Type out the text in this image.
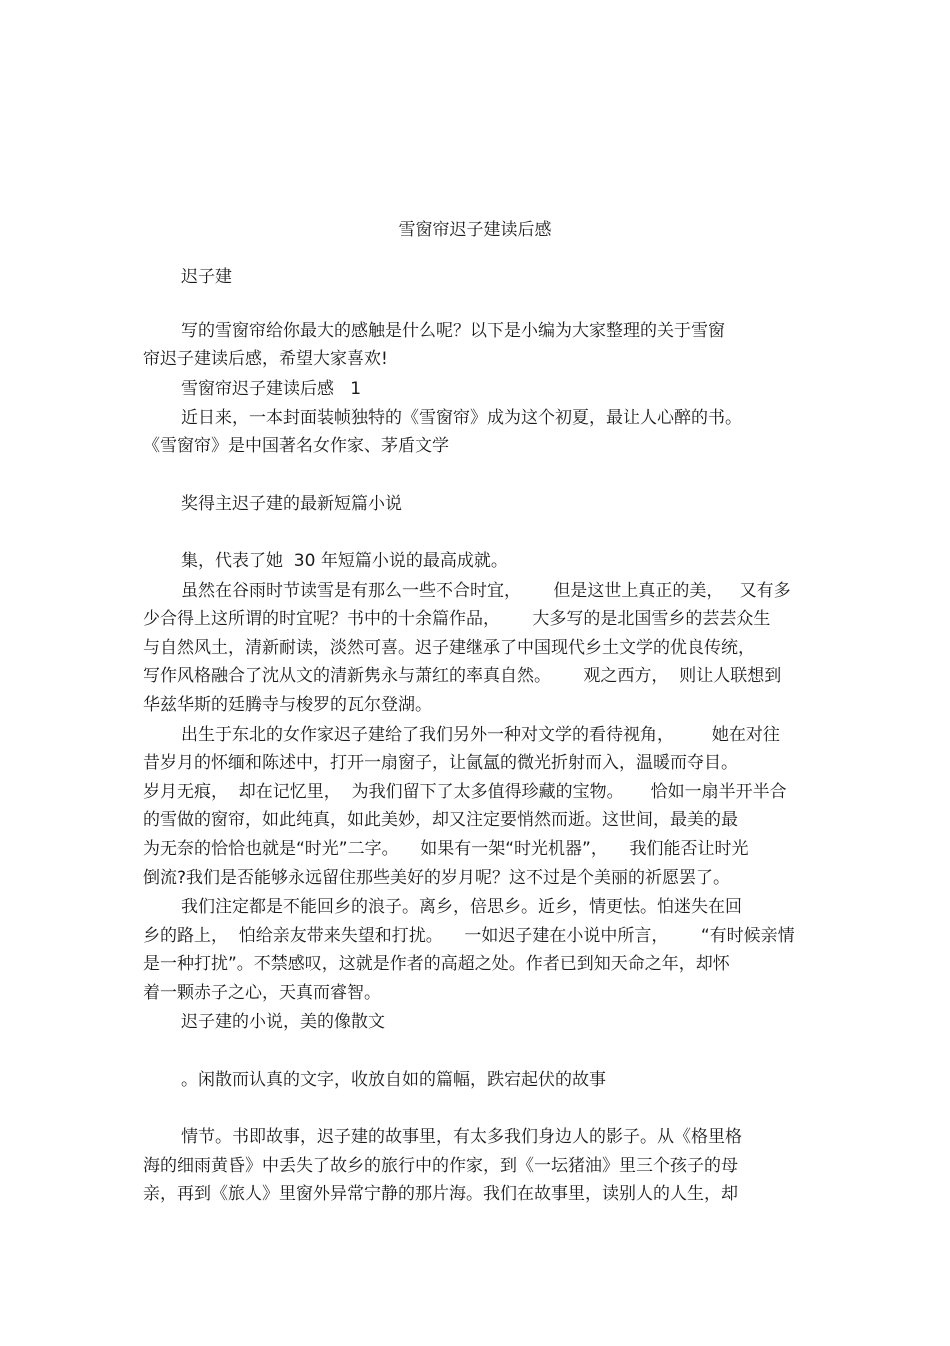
雪窗帘迟子建读后感

迟子建

写的雪窗帘给你最大的感触是什么呢？以下是小编为大家整理的关于雪窗

帘迟子建读后感，希望大家喜欢!

雪窗帘迟子建读后感   1

近日来，一本封面装帧独特的《雪窗帘》成为这个初夏，最让人心醉的书。

《雪窗帘》是中国著名女作家、茅盾文学

奖得主迟子建的最新短篇小说

集，代表了她  30 年短篇小说的最高成就。

虽然在谷雨时节读雪是有那么一些不合时宜，      但是这世上真正的美，   又有多

少合得上这所谓的时宜呢？书中的十余篇作品，      大多写的是北国雪乡的芸芸众生

与自然风土，清新耐读，淡然可喜。迟子建继承了中国现代乡土文学的优良传统，

写作风格融合了沈从文的清新隽永与萧红的率真自然。      观之西方，  则让人联想到

华兹华斯的廷腾寺与梭罗的瓦尔登湖。

出生于东北的女作家迟子建给了我们另外一种对文学的看待视角，       她在对往

昔岁月的怀缅和陈述中，打开一扇窗子，让氤氲的微光折射而入，温暖而夺目。

岁月无痕，  却在记忆里，  为我们留下了太多值得珍藏的宝物。     恰如一扇半开半合

的雪做的窗帘，如此纯真，如此美妙，却又注定要悄然而逝。这世间，最美的最

为无奈的恰恰也就是“时光”二字。    如果有一架“时光机器”，    我们能否让时光

倒流?我们是否能够永远留住那些美好的岁月呢？这不过是个美丽的祈愿罢了。

我们注定都是不能回乡的浪子。离乡，倍思乡。近乡，情更怯。怕迷失在回

乡的路上，  怕给亲友带来失望和打扰。    一如迟子建在小说中所言，      “有时候亲情

是一种打扰”。不禁感叹，这就是作者的高超之处。作者已到知天命之年，却怀

着一颗赤子之心，天真而睿智。

迟子建的小说，美的像散文

。闲散而认真的文字，收放自如的篇幅，跌宕起伏的故事

情节。书即故事，迟子建的故事里，有太多我们身边人的影子。从《格里格

海的细雨黄昏》中丢失了故乡的旅行中的作家，到《一坛猪油》里三个孩子的母

亲，再到《旅人》里窗外异常宁静的那片海。我们在故事里，读别人的人生，却
